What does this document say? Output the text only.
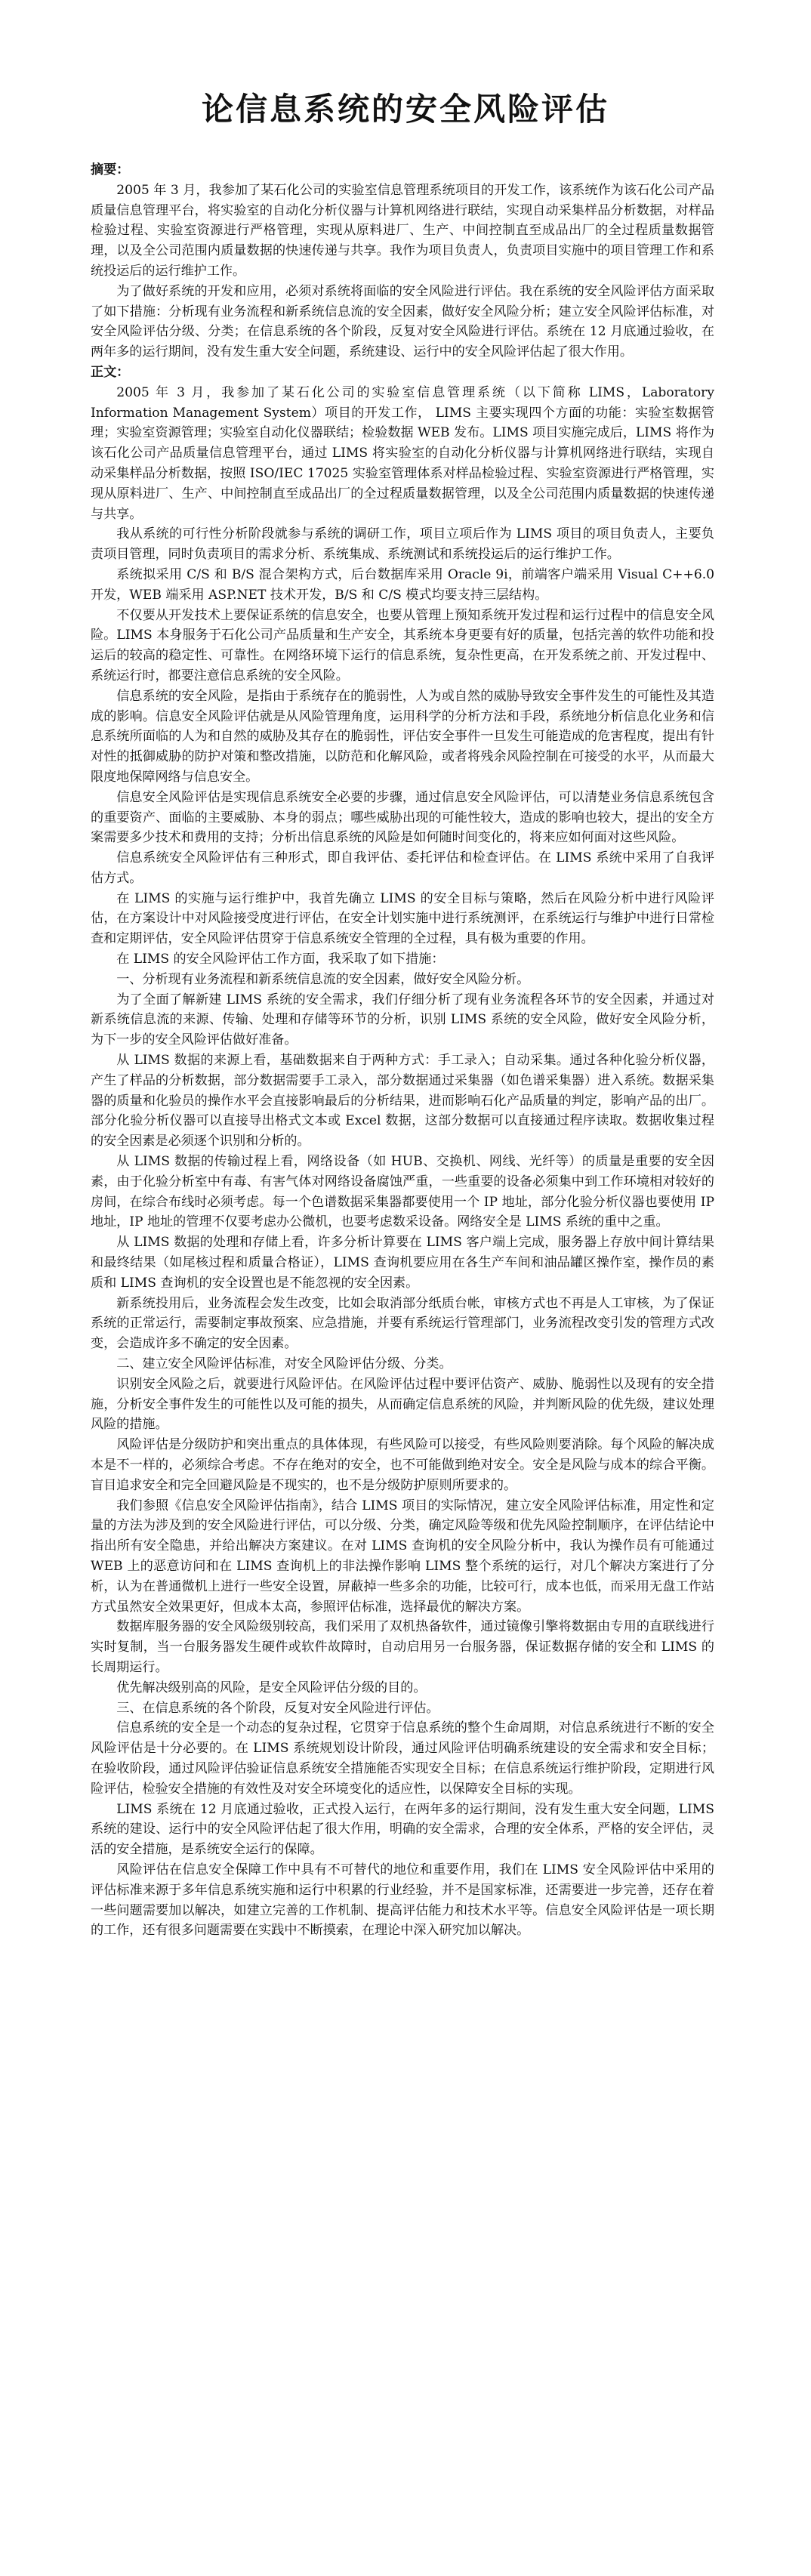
论信息系统的安全风险评估
摘要：

2005 年 3 月，我参加了某石化公司的实验室信息管理系统项目的开发工作，该系统作为该石化公司产品质量信息管理平台，将实验室的自动化分析仪器与计算机网络进行联结，实现自动采集样品分析数据，对样品检验过程、实验室资源进行严格管理，实现从原料进厂、生产、中间控制直至成品出厂的全过程质量数据管理，以及全公司范围内质量数据的快速传递与共享。我作为项目负责人，负责项目实施中的项目管理工作和系统投运后的运行维护工作。

为了做好系统的开发和应用，必须对系统将面临的安全风险进行评估。我在系统的安全风险评估方面采取了如下措施：分析现有业务流程和新系统信息流的安全因素，做好安全风险分析；建立安全风险评估标准，对安全风险评估分级、分类；在信息系统的各个阶段，反复对安全风险进行评估。系统在 12 月底通过验收，在两年多的运行期间，没有发生重大安全问题，系统建设、运行中的安全风险评估起了很大作用。

正文：

2005 年 3 月，我参加了某石化公司的实验室信息管理系统（以下简称 LIMS，Laboratory Information Management System）项目的开发工作， LIMS 主要实现四个方面的功能：实验室数据管理；实验室资源管理；实验室自动化仪器联结；检验数据 WEB 发布。LIMS 项目实施完成后，LIMS 将作为该石化公司产品质量信息管理平台，通过 LIMS 将实验室的自动化分析仪器与计算机网络进行联结，实现自动采集样品分析数据，按照 ISO/IEC 17025 实验室管理体系对样品检验过程、实验室资源进行严格管理，实现从原料进厂、生产、中间控制直至成品出厂的全过程质量数据管理，以及全公司范围内质量数据的快速传递与共享。

我从系统的可行性分析阶段就参与系统的调研工作，项目立项后作为 LIMS 项目的项目负责人，主要负责项目管理，同时负责项目的需求分析、系统集成、系统测试和系统投运后的运行维护工作。

系统拟采用 C/S 和 B/S 混合架构方式，后台数据库采用 Oracle 9i，前端客户端采用 Visual C++6.0 开发，WEB 端采用 ASP.NET 技术开发，B/S 和 C/S 模式均要支持三层结构。

不仅要从开发技术上要保证系统的信息安全，也要从管理上预知系统开发过程和运行过程中的信息安全风险。LIMS 本身服务于石化公司产品质量和生产安全，其系统本身更要有好的质量，包括完善的软件功能和投运后的较高的稳定性、可靠性。在网络环境下运行的信息系统，复杂性更高，在开发系统之前、开发过程中、系统运行时，都要注意信息系统的安全风险。

信息系统的安全风险，是指由于系统存在的脆弱性，人为或自然的威胁导致安全事件发生的可能性及其造成的影响。信息安全风险评估就是从风险管理角度，运用科学的分析方法和手段，系统地分析信息化业务和信息系统所面临的人为和自然的威胁及其存在的脆弱性，评估安全事件一旦发生可能造成的危害程度，提出有针对性的抵御威胁的防护对策和整改措施，以防范和化解风险，或者将残余风险控制在可接受的水平，从而最大限度地保障网络与信息安全。

信息安全风险评估是实现信息系统安全必要的步骤，通过信息安全风险评估，可以清楚业务信息系统包含的重要资产、面临的主要威胁、本身的弱点；哪些威胁出现的可能性较大，造成的影响也较大，提出的安全方案需要多少技术和费用的支持；分析出信息系统的风险是如何随时间变化的，将来应如何面对这些风险。

信息系统安全风险评估有三种形式，即自我评估、委托评估和检查评估。在 LIMS 系统中采用了自我评估方式。

在 LIMS 的实施与运行维护中，我首先确立 LIMS 的安全目标与策略，然后在风险分析中进行风险评估，在方案设计中对风险接受度进行评估，在安全计划实施中进行系统测评，在系统运行与维护中进行日常检查和定期评估，安全风险评估贯穿于信息系统安全管理的全过程，具有极为重要的作用。

在 LIMS 的安全风险评估工作方面，我采取了如下措施：

一、分析现有业务流程和新系统信息流的安全因素，做好安全风险分析。

为了全面了解新建 LIMS 系统的安全需求，我们仔细分析了现有业务流程各环节的安全因素，并通过对新系统信息流的来源、传输、处理和存储等环节的分析，识别 LIMS 系统的安全风险，做好安全风险分析，为下一步的安全风险评估做好准备。

从 LIMS 数据的来源上看，基础数据来自于两种方式：手工录入；自动采集。通过各种化验分析仪器，产生了样品的分析数据，部分数据需要手工录入，部分数据通过采集器（如色谱采集器）进入系统。数据采集器的质量和化验员的操作水平会直接影响最后的分析结果，进而影响石化产品质量的判定，影响产品的出厂。部分化验分析仪器可以直接导出格式文本或 Excel 数据，这部分数据可以直接通过程序读取。数据收集过程的安全因素是必须逐个识别和分析的。

从 LIMS 数据的传输过程上看，网络设备（如 HUB、交换机、网线、光纤等）的质量是重要的安全因素，由于化验分析室中有毒、有害气体对网络设备腐蚀严重，一些重要的设备必须集中到工作环境相对较好的房间，在综合布线时必须考虑。每一个色谱数据采集器都要使用一个 IP 地址，部分化验分析仪器也要使用 IP 地址，IP 地址的管理不仅要考虑办公微机，也要考虑数采设备。网络安全是 LIMS 系统的重中之重。

从 LIMS 数据的处理和存储上看，许多分析计算要在 LIMS 客户端上完成，服务器上存放中间计算结果和最终结果（如尾核过程和质量合格证），LIMS 查询机要应用在各生产车间和油品罐区操作室，操作员的素质和 LIMS 查询机的安全设置也是不能忽视的安全因素。

新系统投用后，业务流程会发生改变，比如会取消部分纸质台帐，审核方式也不再是人工审核，为了保证系统的正常运行，需要制定事故预案、应急措施，并要有系统运行管理部门，业务流程改变引发的管理方式改变，会造成许多不确定的安全因素。

二、建立安全风险评估标准，对安全风险评估分级、分类。

识别安全风险之后，就要进行风险评估。在风险评估过程中要评估资产、威胁、脆弱性以及现有的安全措施，分析安全事件发生的可能性以及可能的损失，从而确定信息系统的风险，并判断风险的优先级，建议处理风险的措施。

风险评估是分级防护和突出重点的具体体现，有些风险可以接受，有些风险则要消除。每个风险的解决成本是不一样的，必须综合考虑。不存在绝对的安全，也不可能做到绝对安全。安全是风险与成本的综合平衡。盲目追求安全和完全回避风险是不现实的，也不是分级防护原则所要求的。

我们参照《信息安全风险评估指南》，结合 LIMS 项目的实际情况，建立安全风险评估标准，用定性和定量的方法为涉及到的安全风险进行评估，可以分级、分类，确定风险等级和优先风险控制顺序，在评估结论中指出所有安全隐患，并给出解决方案建议。在对 LIMS 查询机的安全风险分析中，我认为操作员有可能通过 WEB 上的恶意访问和在 LIMS 查询机上的非法操作影响 LIMS 整个系统的运行，对几个解决方案进行了分析，认为在普通微机上进行一些安全设置，屏蔽掉一些多余的功能，比较可行，成本也低，而采用无盘工作站方式虽然安全效果更好，但成本太高，参照评估标准，选择最优的解决方案。

数据库服务器的安全风险级别较高，我们采用了双机热备软件，通过镜像引擎将数据由专用的直联线进行实时复制，当一台服务器发生硬件或软件故障时，自动启用另一台服务器，保证数据存储的安全和 LIMS 的长周期运行。

优先解决级别高的风险，是安全风险评估分级的目的。

三、在信息系统的各个阶段，反复对安全风险进行评估。

信息系统的安全是一个动态的复杂过程，它贯穿于信息系统的整个生命周期，对信息系统进行不断的安全风险评估是十分必要的。在 LIMS 系统规划设计阶段，通过风险评估明确系统建设的安全需求和安全目标；在验收阶段，通过风险评估验证信息系统安全措施能否实现安全目标；在信息系统运行维护阶段，定期进行风险评估，检验安全措施的有效性及对安全环境变化的适应性，以保障安全目标的实现。

LIMS 系统在 12 月底通过验收，正式投入运行，在两年多的运行期间，没有发生重大安全问题，LIMS 系统的建设、运行中的安全风险评估起了很大作用，明确的安全需求，合理的安全体系，严格的安全评估，灵活的安全措施，是系统安全运行的保障。

风险评估在信息安全保障工作中具有不可替代的地位和重要作用，我们在 LIMS 安全风险评估中采用的评估标准来源于多年信息系统实施和运行中积累的行业经验，并不是国家标准，还需要进一步完善，还存在着一些问题需要加以解决，如建立完善的工作机制、提高评估能力和技术水平等。信息安全风险评估是一项长期的工作，还有很多问题需要在实践中不断摸索，在理论中深入研究加以解决。
